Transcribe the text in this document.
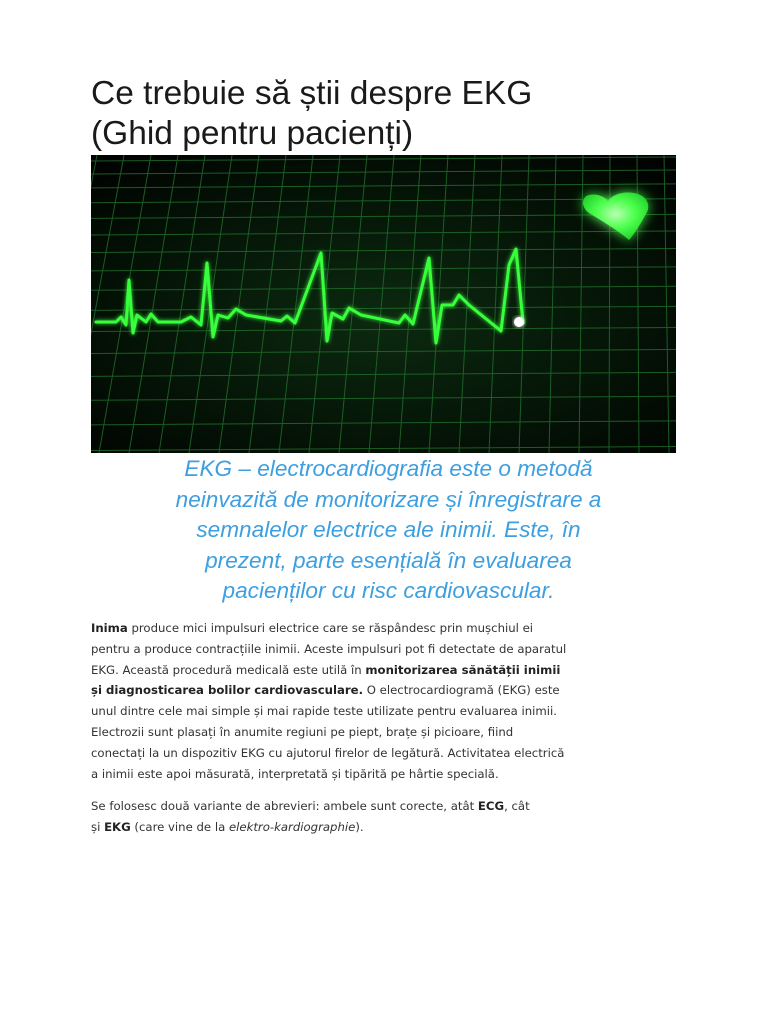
Ce trebuie să știi despre EKG
(Ghid pentru pacienți)

EKG – electrocardiografia este o metodă
neinvazită de monitorizare și înregistrare a
semnalelor electrice ale inimii. Este, în
prezent, parte esențială în evaluarea
pacienților cu risc cardiovascular.

Inima produce mici impulsuri electrice care se răspândesc prin mușchiul ei
pentru a produce contracțiile inimii. Aceste impulsuri pot fi detectate de aparatul
EKG. Această procedură medicală este utilă în monitorizarea sănătății inimii
și diagnosticarea bolilor cardiovasculare. O electrocardiogramă (EKG) este
unul dintre cele mai simple și mai rapide teste utilizate pentru evaluarea inimii.
Electrozii sunt plasați în anumite regiuni pe piept, brațe și picioare, fiind
conectați la un dispozitiv EKG cu ajutorul firelor de legătură. Activitatea electrică
a inimii este apoi măsurată, interpretată și tipărită pe hârtie specială.

Se folosesc două variante de abrevieri: ambele sunt corecte, atât ECG, cât
și EKG (care vine de la elektro-kardiographie).
